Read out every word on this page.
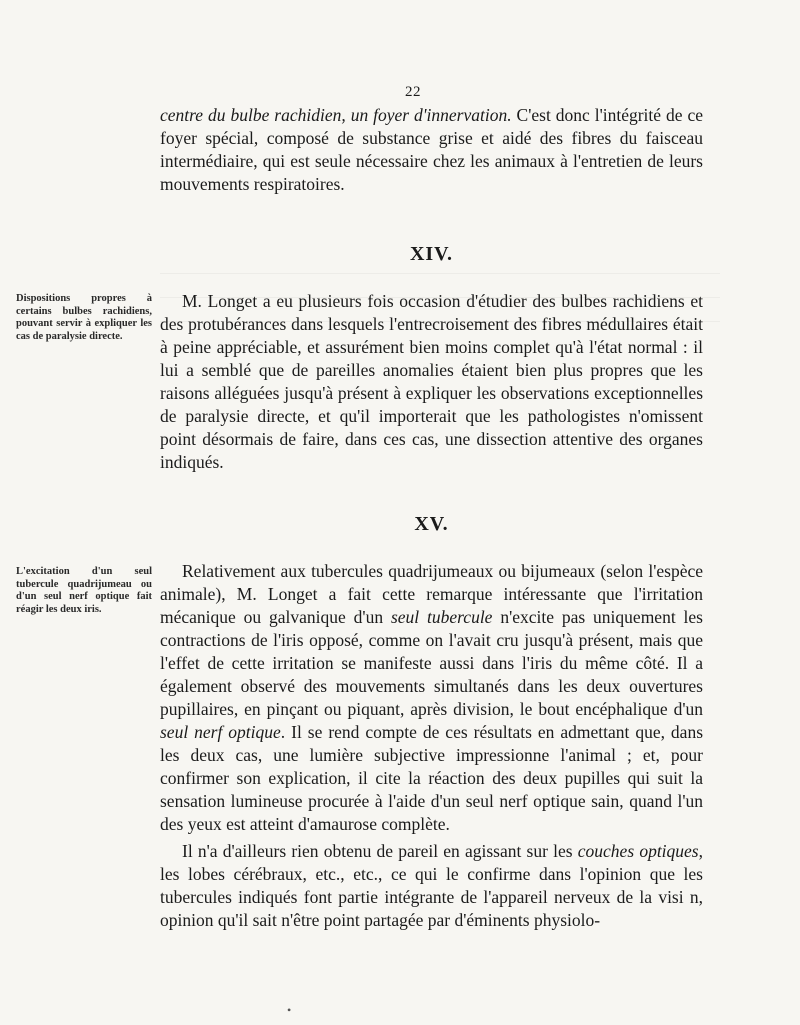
22

centre du bulbe rachidien, un foyer d'innervation. C'est donc l'intégrité de ce foyer spécial, composé de substance grise et aidé des fibres du faisceau intermédiaire, qui est seule nécessaire chez les animaux à l'entretien de leurs mouvements respiratoires.

XIV.
Dispositions propres à certains bulbes rachidiens, pouvant servir à expliquer les cas de paralysie directe.

M. Longet a eu plusieurs fois occasion d'étudier des bulbes rachidiens et des protubérances dans lesquels l'entrecroisement des fibres médullaires était à peine appréciable, et assurément bien moins complet qu'à l'état normal : il lui a semblé que de pareilles anomalies étaient bien plus propres que les raisons alléguées jusqu'à présent à expliquer les observations exceptionnelles de paralysie directe, et qu'il importerait que les pathologistes n'omissent point désormais de faire, dans ces cas, une dissection attentive des organes indiqués.

XV.
L'excitation d'un seul tubercule quadrijumeau ou d'un seul nerf optique fait réagir les deux iris.

Relativement aux tubercules quadrijumeaux ou bijumeaux (selon l'espèce animale), M. Longet a fait cette remarque intéressante que l'irritation mécanique ou galvanique d'un seul tubercule n'excite pas uniquement les contractions de l'iris opposé, comme on l'avait cru jusqu'à présent, mais que l'effet de cette irritation se manifeste aussi dans l'iris du même côté. Il a également observé des mouvements simultanés dans les deux ouvertures pupillaires, en pinçant ou piquant, après division, le bout encéphalique d'un seul nerf optique. Il se rend compte de ces résultats en admettant que, dans les deux cas, une lumière subjective impressionne l'animal ; et, pour confirmer son explication, il cite la réaction des deux pupilles qui suit la sensation lumineuse procurée à l'aide d'un seul nerf optique sain, quand l'un des yeux est atteint d'amaurose complète.

Il n'a d'ailleurs rien obtenu de pareil en agissant sur les couches optiques, les lobes cérébraux, etc., etc., ce qui le confirme dans l'opinion que les tubercules indiqués font partie intégrante de l'appareil nerveux de la visi n, opinion qu'il sait n'être point partagée par d'éminents physiolo-

•
